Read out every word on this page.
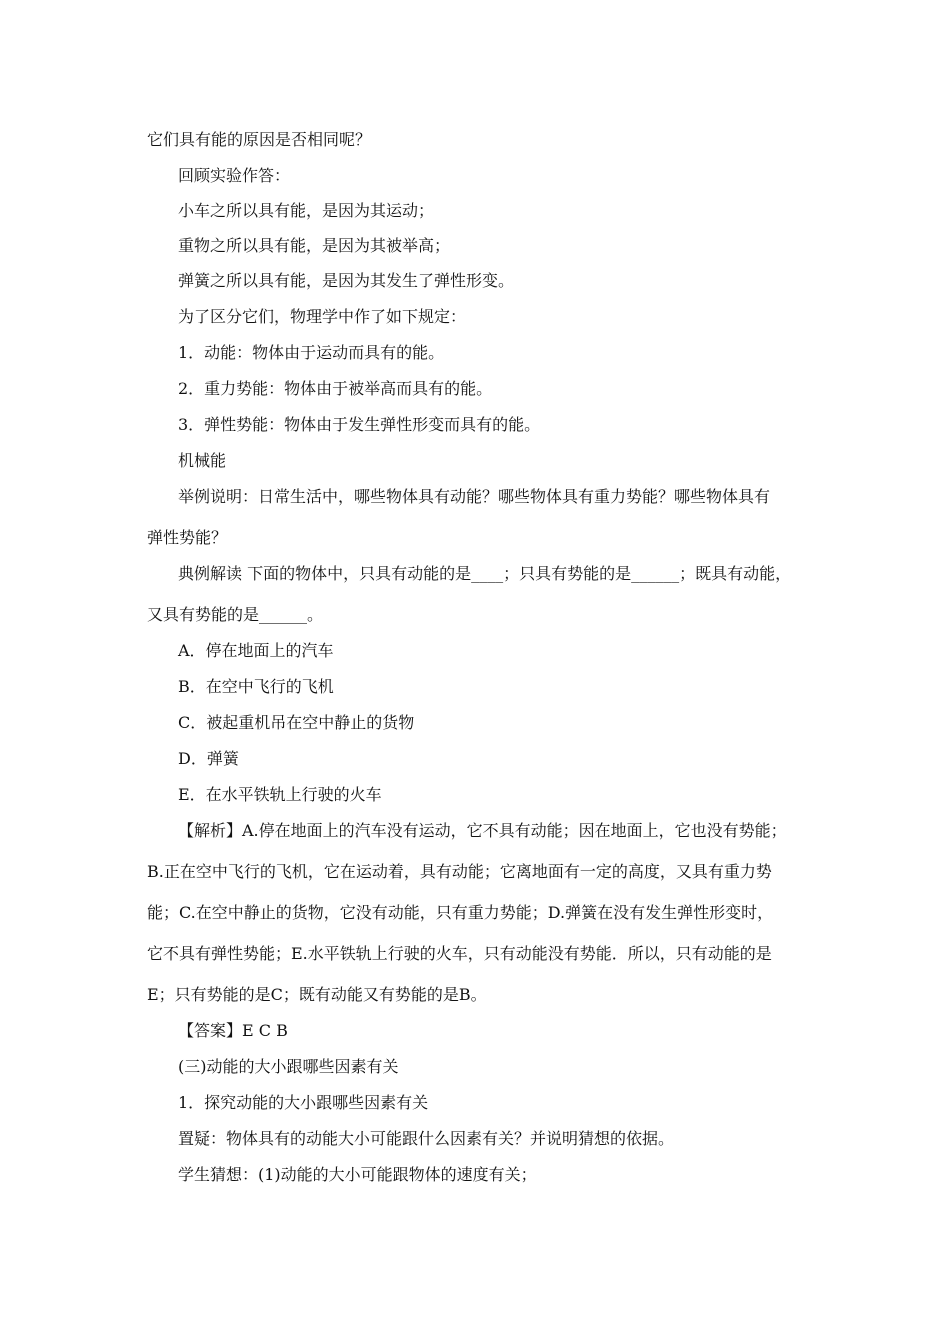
它们具有能的原因是否相同呢？
回顾实验作答：
小车之所以具有能，是因为其运动；
重物之所以具有能，是因为其被举高；
弹簧之所以具有能，是因为其发生了弹性形变。
为了区分它们，物理学中作了如下规定：
1．动能：物体由于运动而具有的能。
2．重力势能：物体由于被举高而具有的能。
3．弹性势能：物体由于发生弹性形变而具有的能。
机械能
举例说明：日常生活中，哪些物体具有动能？哪些物体具有重力势能？哪些物体具有
弹性势能？
典例解读 下面的物体中，只具有动能的是____；只具有势能的是______；既具有动能，
又具有势能的是______。
A．停在地面上的汽车
B．在空中飞行的飞机
C．被起重机吊在空中静止的货物
D．弹簧
E．在水平铁轨上行驶的火车
【解析】A.停在地面上的汽车没有运动，它不具有动能；因在地面上，它也没有势能；
B.正在空中飞行的飞机，它在运动着，具有动能；它离地面有一定的高度，又具有重力势
能；C.在空中静止的货物，它没有动能，只有重力势能；D.弹簧在没有发生弹性形变时，
它不具有弹性势能；E.水平铁轨上行驶的火车，只有动能没有势能．所以，只有动能的是
E；只有势能的是C；既有动能又有势能的是B。
【答案】E C B
(三)动能的大小跟哪些因素有关
1．探究动能的大小跟哪些因素有关
置疑：物体具有的动能大小可能跟什么因素有关？并说明猜想的依据。
学生猜想：(1)动能的大小可能跟物体的速度有关；
